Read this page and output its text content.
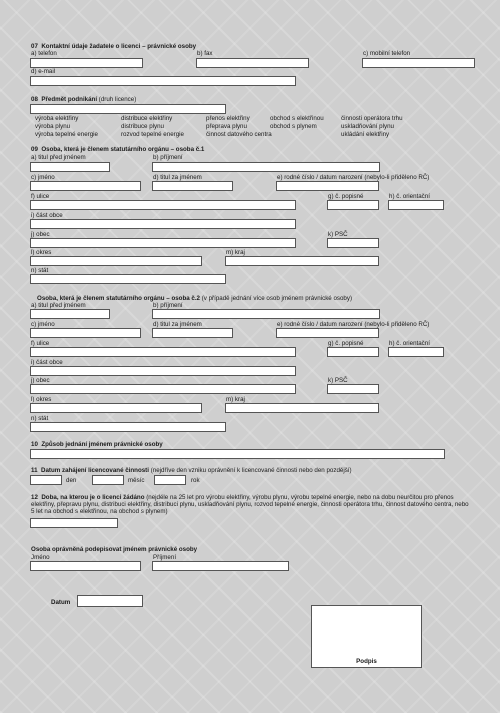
07 Kontaktní údaje žadatele o licenci – právnické osoby
a) telefon	b) fax	c) mobilní telefon
d) e-mail
08 Předmět podnikání (druh licence)
výroba elektřiny	distribuce elektřiny	přenos elektřiny	obchod s elektřinou	činnosti operátora trhu
výroba plynu	distribuce plynu	přeprava plynu	obchod s plynem	uskladňování plynu
výroba tepelné energie	rozvod tepelné energie	činnost datového centra	ukládání elektřiny
09 Osoba, která je členem statutárního orgánu – osoba č.1
a) titul před jménem	b) příjmení
c) jméno	d) titul za jménem	e) rodné číslo / datum narození (nebylo-li přiděleno RČ)
f) ulice	g) č. popisné	h) č. orientační
i) část obce
j) obec	k) PSČ
l) okres	m) kraj
n) stát
Osoba, která je členem statutárního orgánu – osoba č.2 (v případě jednání více osob jménem právnické osoby)
a) titul před jménem	b) příjmení
c) jméno	d) titul za jménem	e) rodné číslo / datum narození (nebylo-li přiděleno RČ)
f) ulice	g) č. popisné	h) č. orientační
i) část obce
j) obec	k) PSČ
l) okres	m) kraj
n) stát
10 Způsob jednání jménem právnické osoby
11 Datum zahájení licencované činnosti (nejdříve den vzniku oprávnění k licencované činnosti nebo den pozdější)
den	měsíc	rok
12 Doba, na kterou je o licenci žádáno (nejdéle na 25 let pro výrobu elektřiny, výrobu plynu, výrobu tepelné energie, nebo na dobu neurčitou pro přenos elektřiny, přepravu plynu, distribuci elektřiny, distribuci plynu, uskladňování plynu, rozvod tepelné energie, činnosti operátora trhu, činnost datového centra, nebo 5 let na obchod s elektřinou, na obchod s plynem)
Osoba oprávněná podepisovat jménem právnické osoby
Jméno	Příjmení
Datum
Podpis
